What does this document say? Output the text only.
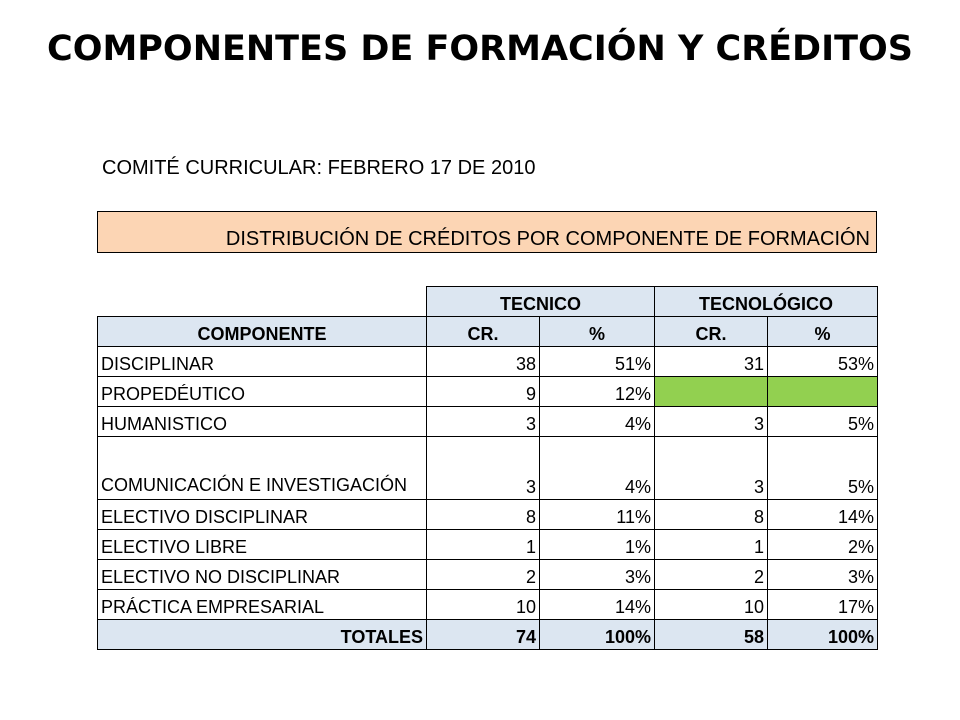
COMPONENTES DE FORMACIÓN Y CRÉDITOS
COMITÉ CURRICULAR: FEBRERO 17 DE 2010
DISTRIBUCIÓN DE CRÉDITOS POR COMPONENTE DE FORMACIÓN
	TECNICO		TECNOLÓGICO	
COMPONENTE	CR.	%	CR.	%
DISCIPLINAR	38	51%	31	53%
PROPEDÉUTICO	9	12%		
HUMANISTICO	3	4%	3	5%
COMUNICACIÓN E INVESTIGACIÓN	3	4%	3	5%
ELECTIVO DISCIPLINAR	8	11%	8	14%
ELECTIVO LIBRE	1	1%	1	2%
ELECTIVO NO DISCIPLINAR	2	3%	2	3%
PRÁCTICA EMPRESARIAL	10	14%	10	17%
TOTALES	74	100%	58	100%
